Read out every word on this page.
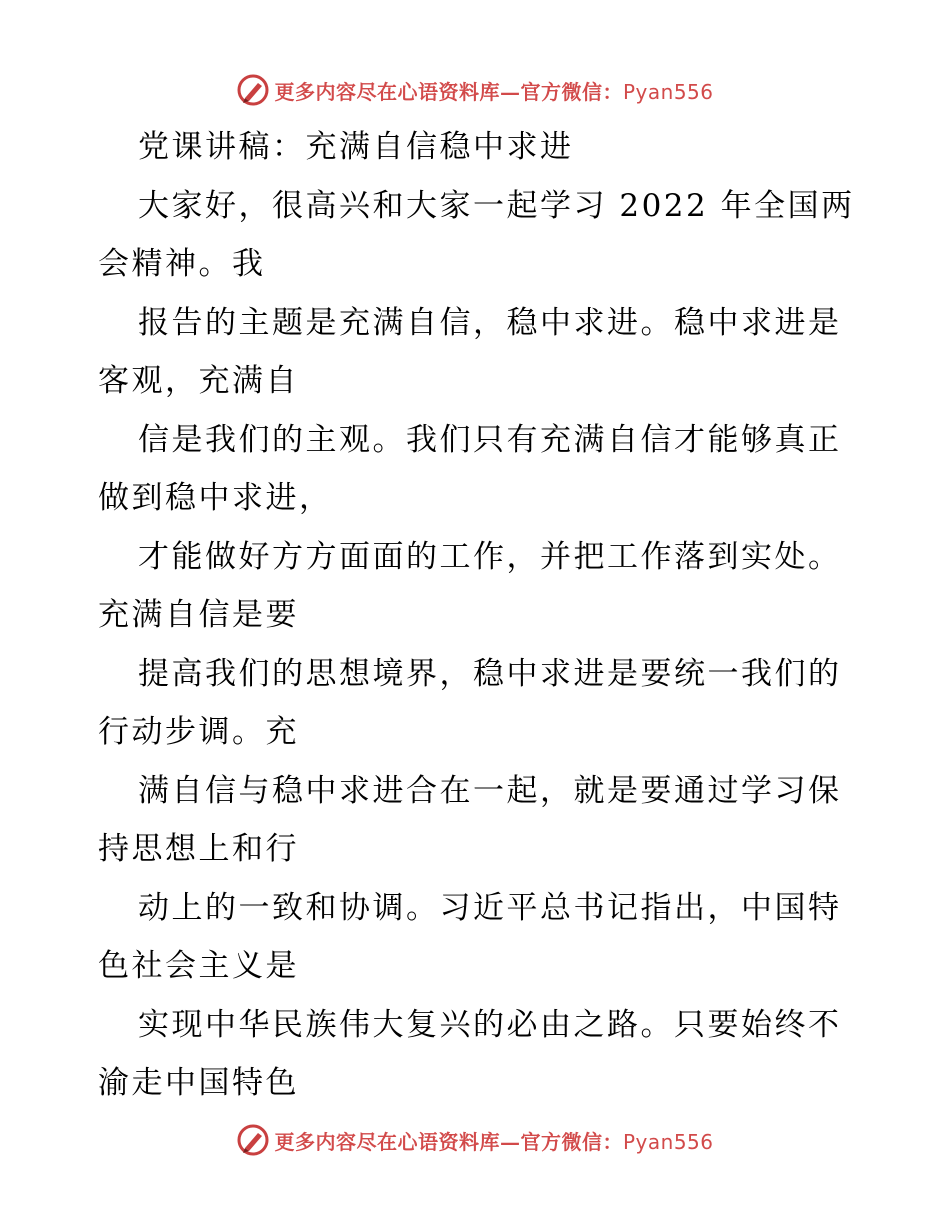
更多内容尽在心语资料库—官方微信：Pyan556
党课讲稿：充满自信稳中求进
大家好，很高兴和大家一起学习 2022 年全国两
会精神。我
报告的主题是充满自信，稳中求进。稳中求进是
客观，充满自
信是我们的主观。我们只有充满自信才能够真正
做到稳中求进，
才能做好方方面面的工作，并把工作落到实处。
充满自信是要
提高我们的思想境界，稳中求进是要统一我们的
行动步调。充
满自信与稳中求进合在一起，就是要通过学习保
持思想上和行
动上的一致和协调。习近平总书记指出，中国特
色社会主义是
实现中华民族伟大复兴的必由之路。只要始终不
渝走中国特色
更多内容尽在心语资料库—官方微信：Pyan556
